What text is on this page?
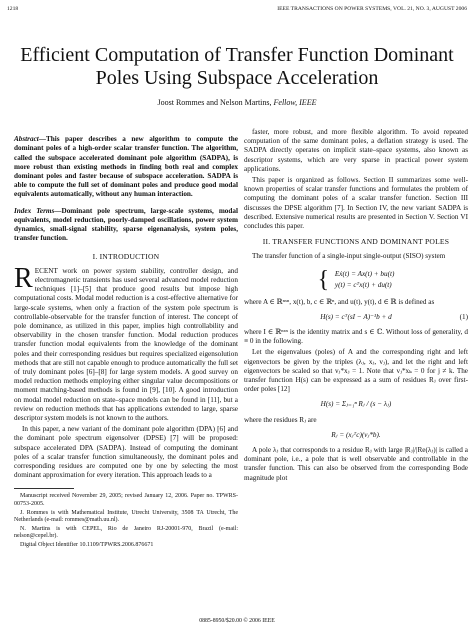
1218	IEEE TRANSACTIONS ON POWER SYSTEMS, VOL. 21, NO. 3, AUGUST 2006
Efficient Computation of Transfer Function Dominant
Poles Using Subspace Acceleration
Joost Rommes and Nelson Martins, Fellow, IEEE

Abstract—This paper describes a new algorithm to compute the dominant poles of a high-order scalar transfer function. The algorithm, called the subspace accelerated dominant pole algorithm (SADPA), is more robust than existing methods in finding both real and complex dominant poles and faster because of subspace acceleration. SADPA is able to compute the full set of dominant poles and produce good modal equivalents automatically, without any human interaction.

Index Terms—Dominant pole spectrum, large-scale systems, modal equivalents, model reduction, poorly-damped oscillations, power system dynamics, small-signal stability, sparse eigenanalysis, system poles, transfer function.

I. INTRODUCTION

RECENT work on power system stability, controller design, and electromagnetic transients has used several advanced model reduction techniques [1]–[5] that produce good results but impose high computational costs. Modal model reduction is a cost-effective alternative for large-scale systems, when only a fraction of the system pole spectrum is controllable-observable for the transfer function of interest. The concept of pole dominance, as utilized in this paper, implies high controllability and observability in the chosen transfer function. Modal reduction produces transfer function modal equivalents from the knowledge of the dominant poles and their corresponding residues but requires specialized eigensolution methods that are still not capable enough to produce automatically the full set of truly dominant poles [6]–[8] for large system models. A good survey on model reduction methods employing either singular value decompositions or moment matching-based methods is found in [9], [10]. A good introduction on modal model reduction on state–space models can be found in [11], but a review on reduction methods that has applications extended to large, sparse descriptor system models is not known to the authors.

In this paper, a new variant of the dominant pole algorithm (DPA) [6] and the dominant pole spectrum eigensolver (DPSE) [7] will be proposed: subspace accelerated DPA (SADPA). Instead of computing the dominant poles of a scalar transfer function simultaneously, the dominant poles and corresponding residues are computed one by one by selecting the most dominant approximation for every iteration. This approach leads to a

Manuscript received November 29, 2005; revised January 12, 2006. Paper no. TPWRS-00753-2005.

J. Rommes is with Mathematical Institute, Utrecht University, 3508 TA Utrecht, The Netherlands (e-mail: rommes@math.uu.nl).

N. Martins is with CEPEL, Rio de Janeiro RJ-20001-970, Brazil (e-mail: nelson@cepel.br).

Digital Object Identifier 10.1109/TPWRS.2006.876671

faster, more robust, and more flexible algorithm. To avoid repeated computation of the same dominant poles, a deflation strategy is used. The SADPA directly operates on implicit state–space systems, also known as descriptor systems, which are very sparse in practical power system applications.

This paper is organized as follows. Section II summarizes some well-known properties of scalar transfer functions and formulates the problem of computing the dominant poles of a scalar transfer function. Section III discusses the DPSE algorithm [7]. In Section IV, the new variant SADPA is described. Extensive numerical results are presented in Section V. Section VI concludes this paper.

II. TRANSFER FUNCTIONS AND DOMINANT POLES

The transfer function of a single-input single-output (SISO) system

{ Eẋ(t) = Ax(t) + bu(t)
y(t) = cᵀx(t) + du(t)

where A ∈ ℝⁿˣⁿ, x(t), b, c ∈ ℝⁿ, and u(t), y(t), d ∈ ℝ is defined as

H(s) = cᵀ(sI − A)⁻¹b + d	(1)

where I ∈ ℝⁿˣⁿ is the identity matrix and s ∈ ℂ. Without loss of generality, d ≡ 0 in the following.

Let the eigenvalues (poles) of A and the corresponding right and left eigenvectors be given by the triples (λⱼ, xⱼ, vⱼ), and let the right and left eigenvectors be scaled so that vⱼ*xⱼ = 1. Note that vⱼ*xₖ = 0 for j ≠ k. The transfer function H(s) can be expressed as a sum of residues Rⱼ over first-order poles [12]

H(s) = Σⱼ₌₁ⁿ Rⱼ / (s − λⱼ)

where the residues Rⱼ are

Rⱼ = (xⱼᵀc)(vⱼ*b).

A pole λⱼ that corresponds to a residue Rⱼ with large |Rⱼ|/|Re(λⱼ)| is called a dominant pole, i.e., a pole that is well observable and controllable in the transfer function. This can also be observed from the corresponding Bode magnitude plot

0885-8950/$20.00 © 2006 IEEE
